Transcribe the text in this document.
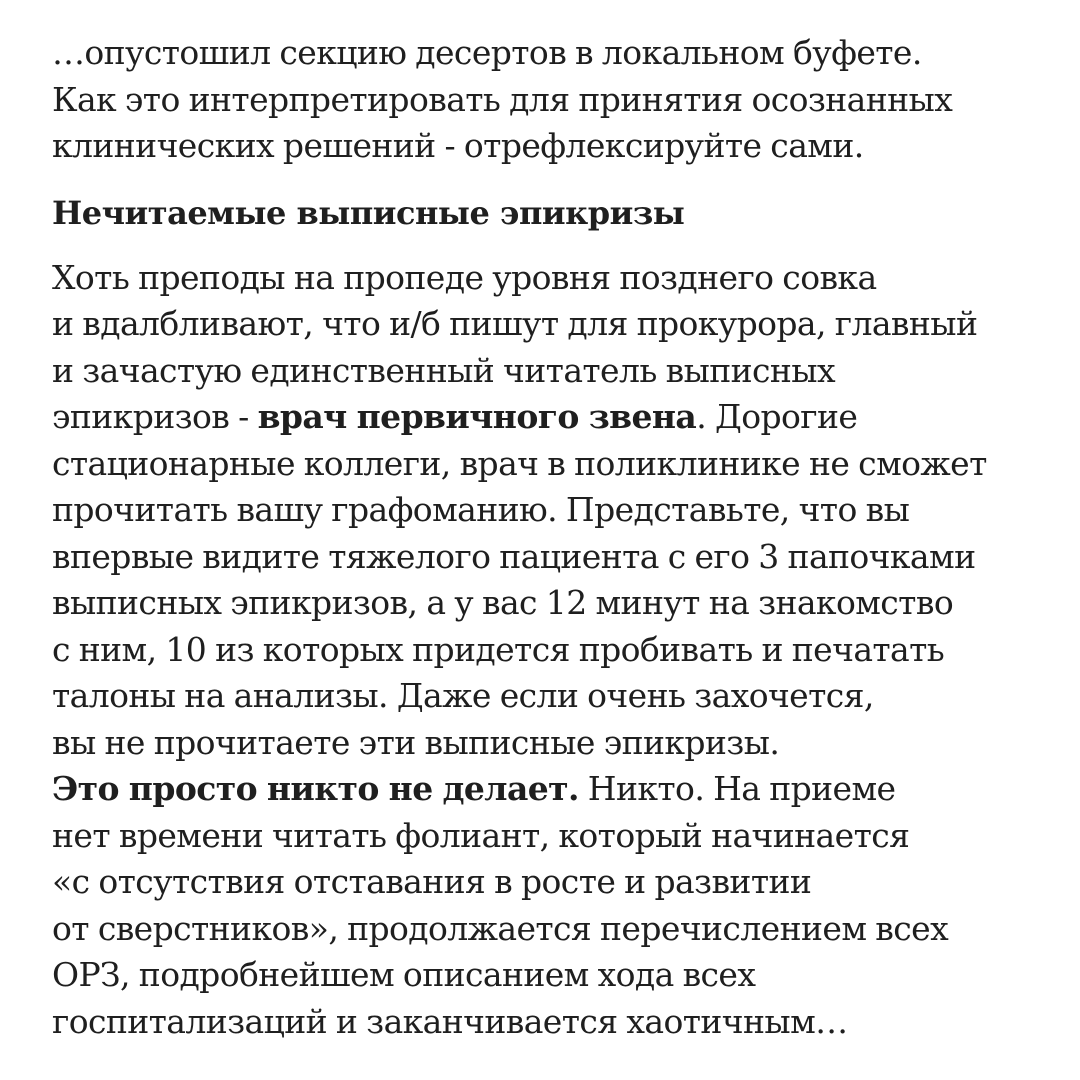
…опустошил секцию десертов в локальном буфете.
Как это интерпретировать для принятия осознанных
клинических решений - отрефлексируйте сами.

Нечитаемые выписные эпикризы

Хоть преподы на пропеде уровня позднего совка
и вдалбливают, что и/б пишут для прокурора, главный
и зачастую единственный читатель выписных
эпикризов - врач первичного звена. Дорогие
стационарные коллеги, врач в поликлинике не сможет
прочитать вашу графоманию. Представьте, что вы
впервые видите тяжелого пациента с его 3 папочками
выписных эпикризов, а у вас 12 минут на знакомство
с ним, 10 из которых придется пробивать и печатать
талоны на анализы. Даже если очень захочется,
вы не прочитаете эти выписные эпикризы.
Это просто никто не делает. Никто. На приеме
нет времени читать фолиант, который начинается
«с отсутствия отставания в росте и развитии
от сверстников», продолжается перечислением всех
ОРЗ, подробнейшем описанием хода всех
госпитализаций и заканчивается хаотичным…
